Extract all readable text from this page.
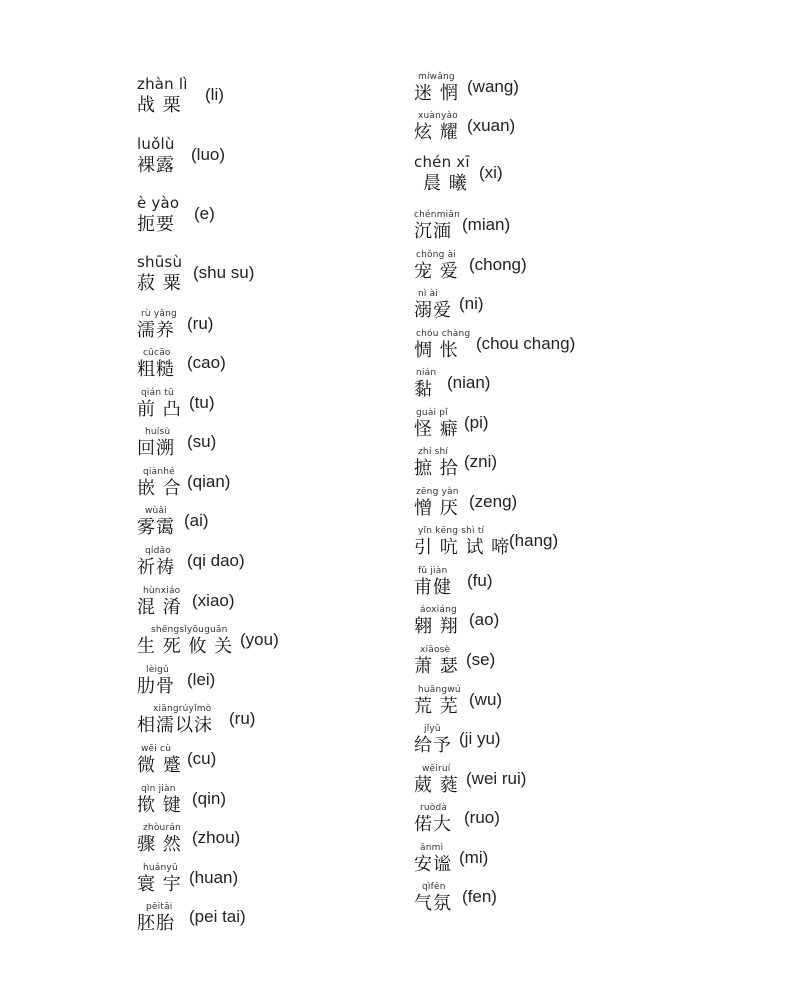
zhàn lì
战 栗
(li)
luǒlù
裸露
(luo)
è yào
扼要
(e)
shūsù
菽 粟
(shu su)
rù yǎng
濡养 (ru)
cūcāo
粗糙 (cao)
qián tū
前 凸 (tu)
huísù
回溯 (su)
qiànhé
嵌 合 (qian)
wùǎi
雾霭 (ai)
qídǎo
祈祷 (qi dao)
hùnxiáo
混 淆 (xiao)
shēngsǐyōuguān
生 死 攸 关 (you)
lèigǔ
肋骨 (lei)
xiāngrúyǐmò
相濡以沫 (ru)
wēi cù
微 蹙 (cu)
qìn jiàn
揿 键 (qin)
zhòurán
骤 然 (zhou)
huányǔ
寰 宇 (huan)
pēitāi
胚胎 (pei tai)
míwǎng
迷 惘 (wang)
xuànyào
炫 耀 (xuan)
chén xī
晨 曦
(xi)
chénmiǎn
沉湎 (mian)
chǒng ài
宠 爱 (chong)
nì ài
溺爱 (ni)
chóu chàng
惆 怅 (chou chang)
nián
黏 (nian)
guài pǐ
怪 癖 (pi)
zhí shí
摭 拾 (zni)
zēng yàn
憎 厌 (zeng)
yǐn kēng shì tí
引 吭 试 啼
(hang)
fǔ jiàn
甫健 (fu)
áoxiáng
翱 翔 (ao)
xiāosè
萧 瑟 (se)
huāngwú
荒 芜 (wu)
jǐyǔ
给予 (ji yu)
wēiruí
葳 蕤 (wei rui)
ruòdà
偌大 (ruo)
ānmì
安谧 (mi)
qìfēn
气氛 (fen)
